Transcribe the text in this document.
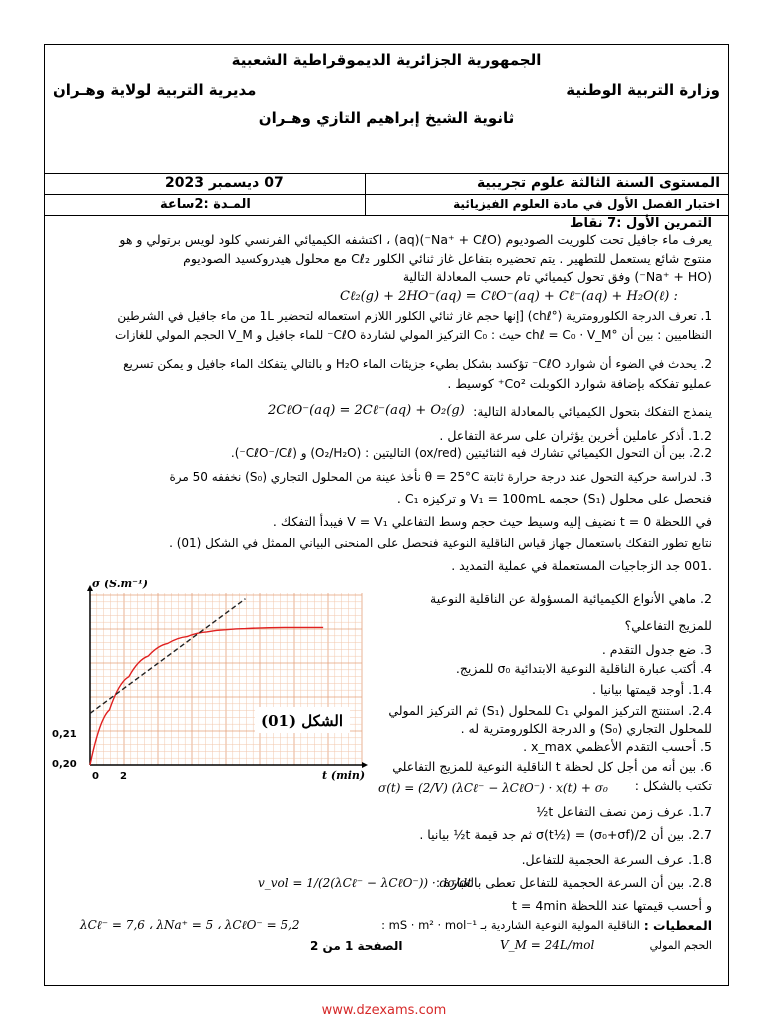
الجمهورية الجزائرية الديموقراطية الشعبية
وزارة التربية الوطنية
مديرية التربية لولاية وهـران
ثانوية الشيخ إبراهيم التازي وهـران
المستوى السنة الثالثة علوم تجريبية
07 ديسمبر 2023
اختبار الفصل الأول في مادة العلوم الفيزيائية
المـدة :2ساعة
التمرين الأول :7 نقاط
يعرف ماء جافيل تحت كلوريت الصوديوم (Na⁺ + CℓO⁻)(aq) ، اكتشفه الكيميائي الفرنسي كلود لويس برتولي و هو
منتوج شائع يستعمل للتطهير . يتم تحضيره بتفاعل غاز ثنائي الكلور Cℓ₂ مع محلول هيدروكسيد الصوديوم
(Na⁺ + HO⁻) وفق تحول كيميائي تام حسب المعادلة التالية
Cℓ₂(g) + 2HO⁻(aq) = CℓO⁻(aq) + Cℓ⁻(aq) + H₂O(ℓ) :
1. تعرف الدرجة الكلورومترية (°chℓ) [إنها حجم غاز ثنائي الكلور اللازم استعماله لتحضير 1L من ماء جافيل في الشرطين
النظاميين : بين أن °chℓ = C₀ · V_M حيث : C₀ التركيز المولي لشاردة CℓO⁻ للماء جافيل و V_M الحجم المولي للغازات
2. يحدث في الضوء أن شوارد CℓO⁻ تؤكسد بشكل بطيء جزيئات الماء H₂O و بالتالي يتفكك الماء جافيل و يمكن تسريع
عمليو تفككه بإضافة شوارد الكوبلت Co²⁺ كوسيط .
ينمذج التفكك بتحول الكيميائي بالمعادلة التالية:
2CℓO⁻(aq) = 2Cℓ⁻(aq) + O₂(g)
1.2. أذكر عاملين أخرين يؤثران على سرعة التفاعل .
2.2. بين أن التحول الكيميائي تشارك فيه الثنائيتين (ox/red) التاليتين : (O₂/H₂O) و (CℓO⁻/Cℓ⁻).
3. لدراسة حركية التحول عند درجة حرارة ثابتة θ = 25°C نأخذ عينة من المحلول التجاري (S₀) نخففه 50 مرة
فنحصل على محلول (S₁) حجمه V₁ = 100mL و تركيزه C₁ .
في اللحظة t = 0 نضيف إليه وسيط حيث حجم وسط التفاعلي V = V₁ فيبدأ التفكك .
نتابع تطور التفكك باستعمال جهاز قياس الناقلية النوعية فنحصل على المنحنى البياني الممثل في الشكل (01) .
.001 جد الزجاجيات المستعملة في عملية التمديد .
2. ماهي الأنواع الكيميائية المسؤولة عن الناقلية النوعية
للمزيج التفاعلي؟
3. ضع جدول التقدم .
4. أكتب عبارة الناقلية النوعية الابتدائية σ₀ للمزيج.
1.4. أوجد قيمتها بيانيا .
2.4. استنتج التركيز المولي C₁ للمحلول (S₁) ثم التركيز المولي
للمحلول التجاري (S₀) و الدرجة الكلورومترية له .
5. أحسب التقدم الأعظمي x_max .
6. بين أنه من أجل كل لحظة t الناقلية النوعية للمزيج التفاعلي
تكتب بالشكل :
σ(t) = (2/V) (λCℓ⁻ − λCℓO⁻) · x(t) + σ₀
1.7. عرف زمن نصف التفاعل t½
2.7. بين أن σ(t½) = (σ₀+σf)/2 ثم جد قيمة t½ بيانيا .
1.8. عرف السرعة الحجمية للتفاعل.
2.8. بين أن السرعة الحجمية للتفاعل تعطى بالعبارة :
v_vol = 1/(2(λCℓ⁻ − λCℓO⁻)) · dσ/dt
و أحسب قيمتها عند اللحظة t = 4min
المعطيات :
الناقلية المولية النوعية الشاردية بـ mS · m² · mol⁻¹ :
λCℓ⁻ = 7,6 ، λNa⁺ = 5 ، λCℓO⁻ = 5,2
الحجم المولي
V_M = 24L/mol
الصفحة 1 من 2
0 2	t (min)
σ (S.m⁻¹)
الشكل (01)
www.dzexams.com
0,21
0,20
